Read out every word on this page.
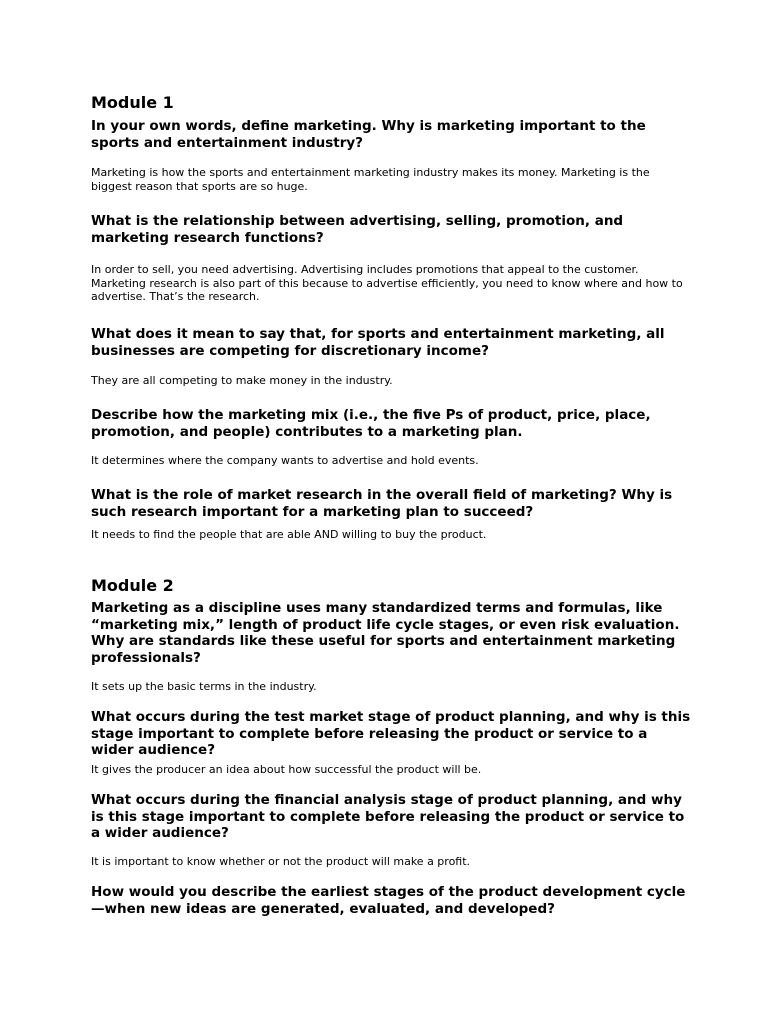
Module 1

In your own words, define marketing. Why is marketing important to the sports and entertainment industry?

Marketing is how the sports and entertainment marketing industry makes its money. Marketing is the biggest reason that sports are so huge.

What is the relationship between advertising, selling, promotion, and marketing research functions?

In order to sell, you need advertising. Advertising includes promotions that appeal to the customer. Marketing research is also part of this because to advertise efficiently, you need to know where and how to advertise. That’s the research.

What does it mean to say that, for sports and entertainment marketing, all businesses are competing for discretionary income?

They are all competing to make money in the industry.

Describe how the marketing mix (i.e., the five Ps of product, price, place, promotion, and people) contributes to a marketing plan.

It determines where the company wants to advertise and hold events.

What is the role of market research in the overall field of marketing? Why is such research important for a marketing plan to succeed?

It needs to find the people that are able AND willing to buy the product.

Module 2

Marketing as a discipline uses many standardized terms and formulas, like “marketing mix,” length of product life cycle stages, or even risk evaluation. Why are standards like these useful for sports and entertainment marketing professionals?

It sets up the basic terms in the industry.

What occurs during the test market stage of product planning, and why is this stage important to complete before releasing the product or service to a wider audience?

It gives the producer an idea about how successful the product will be.

What occurs during the financial analysis stage of product planning, and why is this stage important to complete before releasing the product or service to a wider audience?

It is important to know whether or not the product will make a profit.

How would you describe the earliest stages of the product development cycle—when new ideas are generated, evaluated, and developed?
